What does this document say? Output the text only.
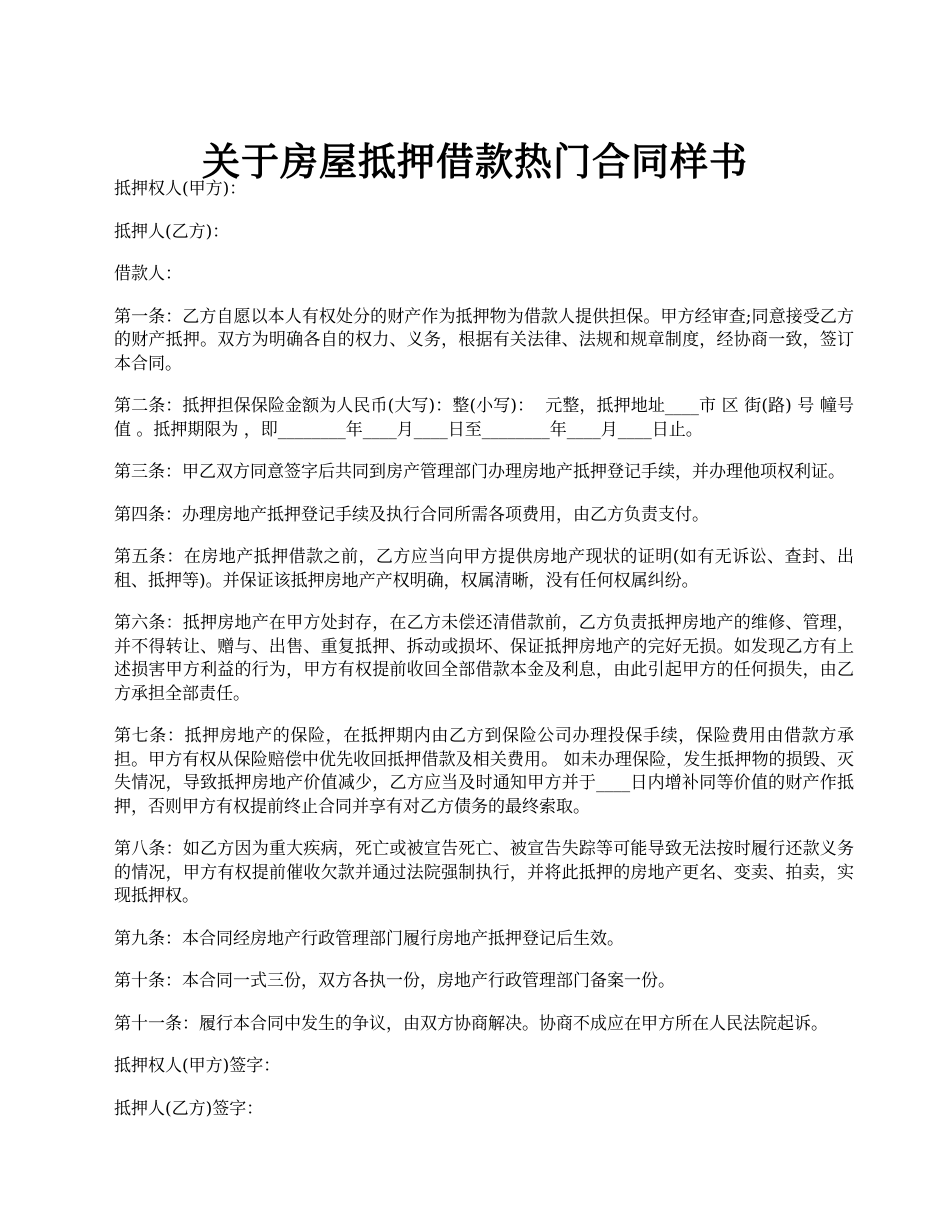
关于房屋抵押借款热门合同样书

抵押权人(甲方)：

抵押人(乙方)：

借款人：

第一条：乙方自愿以本人有权处分的财产作为抵押物为借款人提供担保。甲方经审查;同意接受乙方的财产抵押。双方为明确各自的权力、义务，根据有关法律、法规和规章制度，经协商一致，签订本合同。

第二条：抵押担保保险金额为人民币(大写)：整(小写)：  元整，抵押地址____市 区 街(路) 号 幢号值 。抵押期限为 ，即________年____月____日至________年____月____日止。

第三条：甲乙双方同意签字后共同到房产管理部门办理房地产抵押登记手续，并办理他项权利证。

第四条：办理房地产抵押登记手续及执行合同所需各项费用，由乙方负责支付。

第五条：在房地产抵押借款之前，乙方应当向甲方提供房地产现状的证明(如有无诉讼、查封、出租、抵押等)。并保证该抵押房地产产权明确，权属清晰，没有任何权属纠纷。

第六条：抵押房地产在甲方处封存，在乙方未偿还清借款前，乙方负责抵押房地产的维修、管理，并不得转让、赠与、出售、重复抵押、拆动或损坏、保证抵押房地产的完好无损。如发现乙方有上述损害甲方利益的行为，甲方有权提前收回全部借款本金及利息，由此引起甲方的任何损失，由乙方承担全部责任。

第七条：抵押房地产的保险，在抵押期内由乙方到保险公司办理投保手续，保险费用由借款方承担。甲方有权从保险赔偿中优先收回抵押借款及相关费用。 如未办理保险，发生抵押物的损毁、灭失情况，导致抵押房地产价值减少，乙方应当及时通知甲方并于____日内增补同等价值的财产作抵押，否则甲方有权提前终止合同并享有对乙方债务的最终索取。

第八条：如乙方因为重大疾病，死亡或被宣告死亡、被宣告失踪等可能导致无法按时履行还款义务的情况，甲方有权提前催收欠款并通过法院强制执行，并将此抵押的房地产更名、变卖、拍卖，实现抵押权。

第九条：本合同经房地产行政管理部门履行房地产抵押登记后生效。

第十条：本合同一式三份，双方各执一份，房地产行政管理部门备案一份。

第十一条：履行本合同中发生的争议，由双方协商解决。协商不成应在甲方所在人民法院起诉。

抵押权人(甲方)签字：

抵押人(乙方)签字：
